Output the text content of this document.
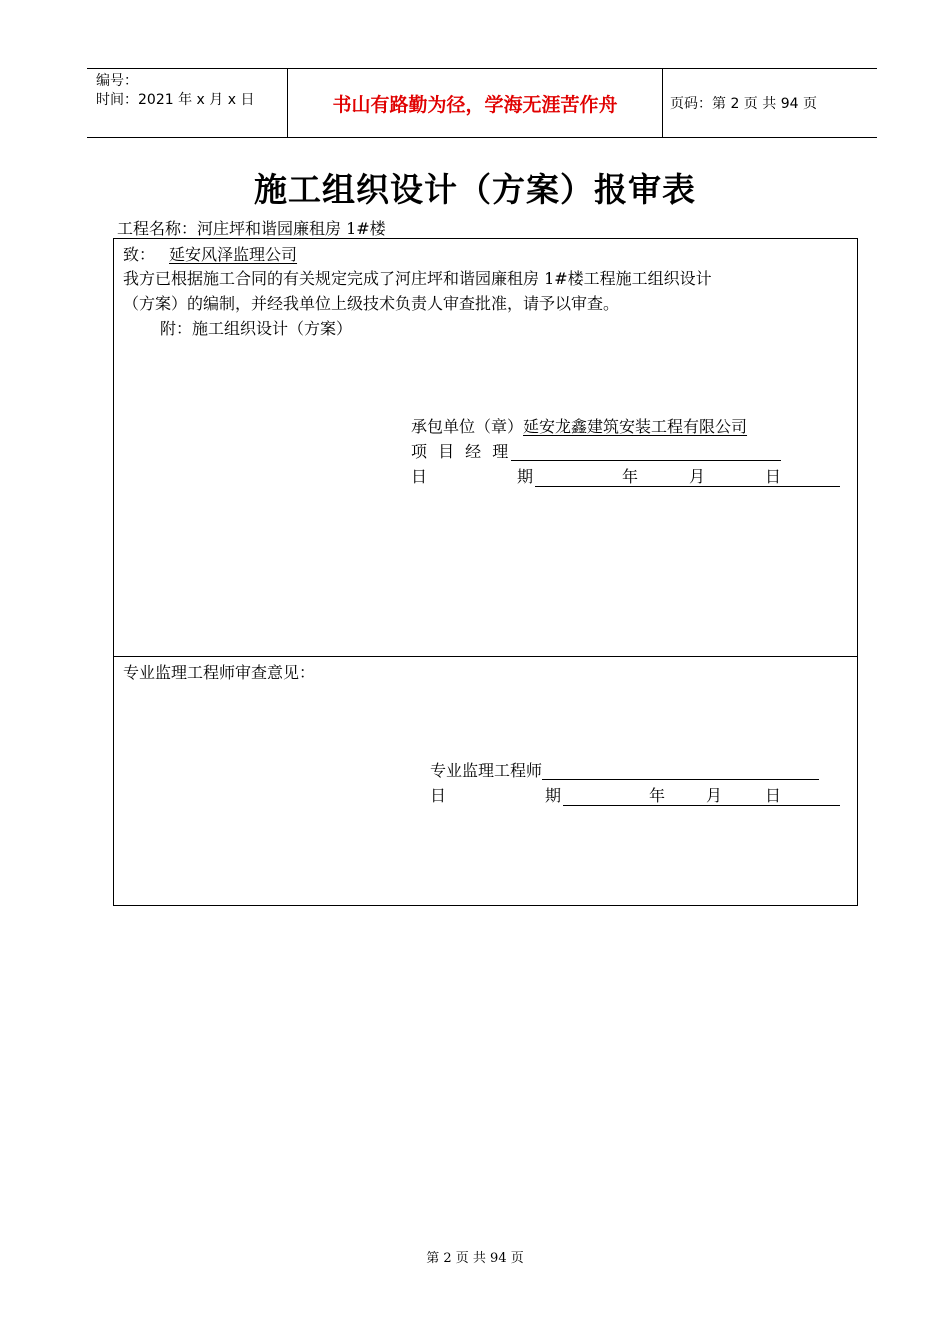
编号：
时间：2021 年 x 月 x 日	书山有路勤为径，学海无涯苦作舟	页码：第 2 页 共 94 页
施工组织设计（方案）报审表
工程名称：河庄坪和谐园廉租房 1#楼
致： 延安风泽监理公司
我方已根据施工合同的有关规定完成了河庄坪和谐园廉租房 1#楼工程施工组织设计
（方案）的编制，并经我单位上级技术负责人审查批准，请予以审查。
附：施工组织设计（方案）
承包单位（章）延安龙鑫建筑安装工程有限公司
项 目 经 理
日	期	年	月	日
专业监理工程师审查意见：
专业监理工程师
日	期	年	月	日
第 2 页 共 94 页
